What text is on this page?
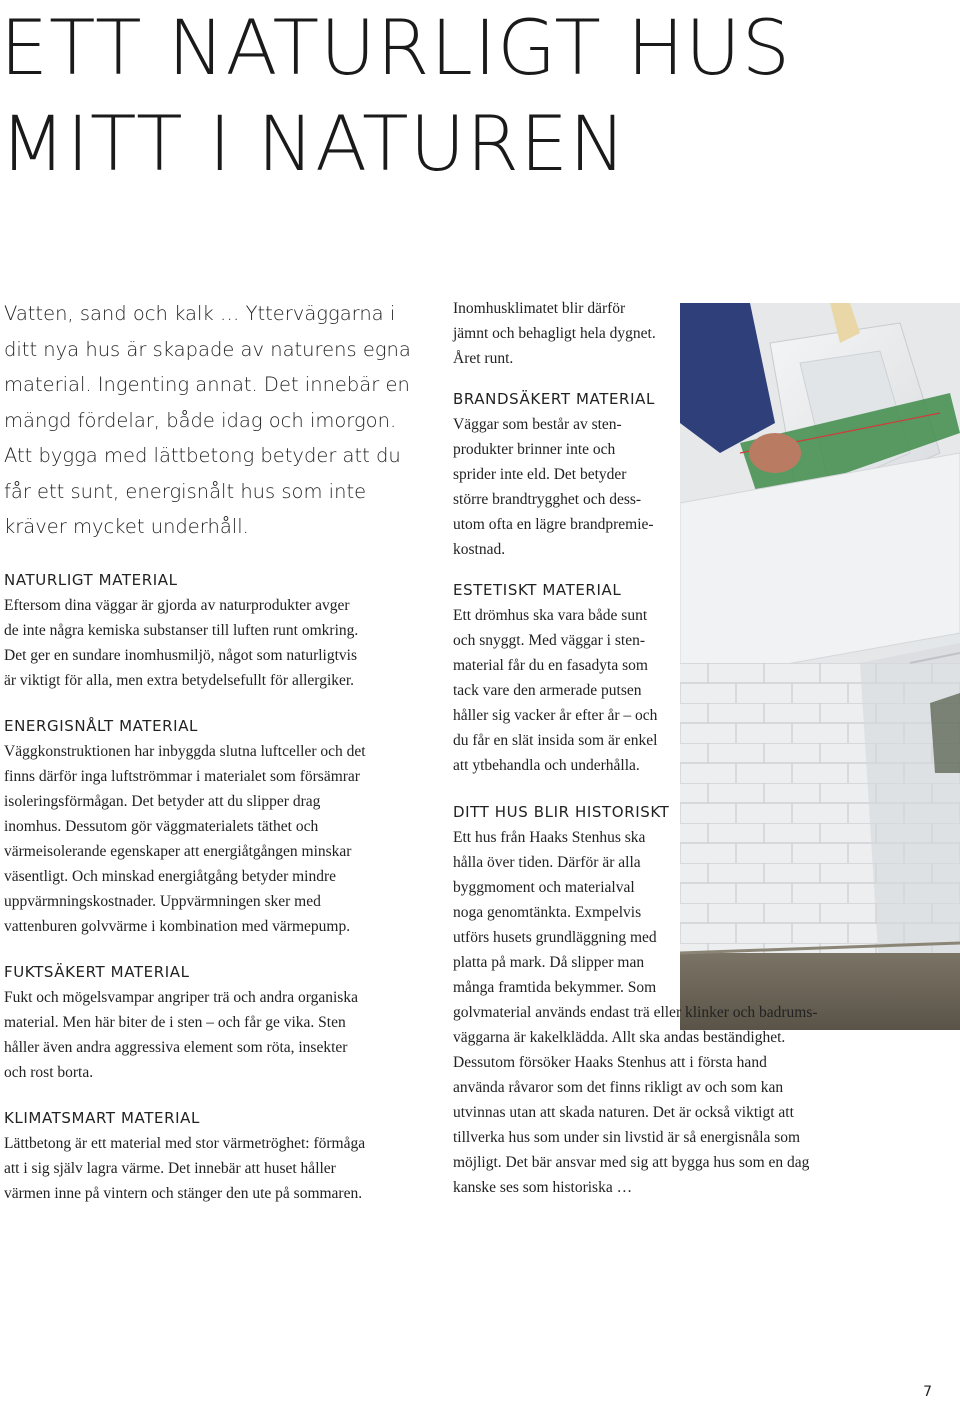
ETT NATURLIGT HUS
MITT I NATUREN
Vatten, sand och kalk … Ytterväggarna i
ditt nya hus är skapade av naturens egna
material. Ingenting annat. Det innebär en
mängd fördelar, både idag och imorgon.
Att bygga med lättbetong betyder att du
får ett sunt, energisnålt hus som inte
kräver mycket underhåll.
NATURLIGT MATERIAL
Eftersom dina väggar är gjorda av naturprodukter avger
de inte några kemiska substanser till luften runt omkring.
Det ger en sundare inomhusmiljö, något som naturligtvis
är viktigt för alla, men extra betydelsefullt för allergiker.
ENERGISNÅLT MATERIAL
Väggkonstruktionen har inbyggda slutna luftceller och det
finns därför inga luftströmmar i materialet som försämrar
isoleringsförmågan. Det betyder att du slipper drag
inomhus. Dessutom gör väggmaterialets täthet och
värmeisolerande egenskaper att energiåtgången minskar
väsentligt. Och minskad energiåtgång betyder mindre
uppvärmningskostnader. Uppvärmningen sker med
vattenburen golvvärme i kombination med värmepump.
FUKTSÄKERT MATERIAL
Fukt och mögelsvampar angriper trä och andra organiska
material. Men här biter de i sten – och får ge vika. Sten
håller även andra aggressiva element som röta, insekter
och rost borta.
KLIMATSMART MATERIAL
Lättbetong är ett material med stor värmetröghet: förmåga
att i sig själv lagra värme. Det innebär att huset håller
värmen inne på vintern och stänger den ute på sommaren.
Inomhusklimatet blir därför
jämnt och behagligt hela dygnet.
Året runt.
BRANDSÄKERT MATERIAL
Väggar som består av sten-
produkter brinner inte och
sprider inte eld. Det betyder
större brandtrygghet och dess-
utom ofta en lägre brandpremie-
kostnad.
ESTETISKT MATERIAL
Ett drömhus ska vara både sunt
och snyggt. Med väggar i sten-
material får du en fasadyta som
tack vare den armerade putsen
håller sig vacker år efter år – och
du får en slät insida som är enkel
att ytbehandla och underhålla.
DITT HUS BLIR HISTORISKT
Ett hus från Haaks Stenhus ska
hålla över tiden. Därför är alla
byggmoment och materialval
noga genomtänkta. Exmpelvis
utförs husets grundläggning med
platta på mark. Då slipper man
många framtida bekymmer. Som
golvmaterial används endast trä eller klinker och badrums-
väggarna är kakelklädda. Allt ska andas beständighet.
Dessutom försöker Haaks Stenhus att i första hand
använda råvaror som det finns rikligt av och som kan
utvinnas utan att skada naturen. Det är också viktigt att
tillverka hus som under sin livstid är så energisnåla som
möjligt. Det bär ansvar med sig att bygga hus som en dag
kanske ses som historiska …

7
